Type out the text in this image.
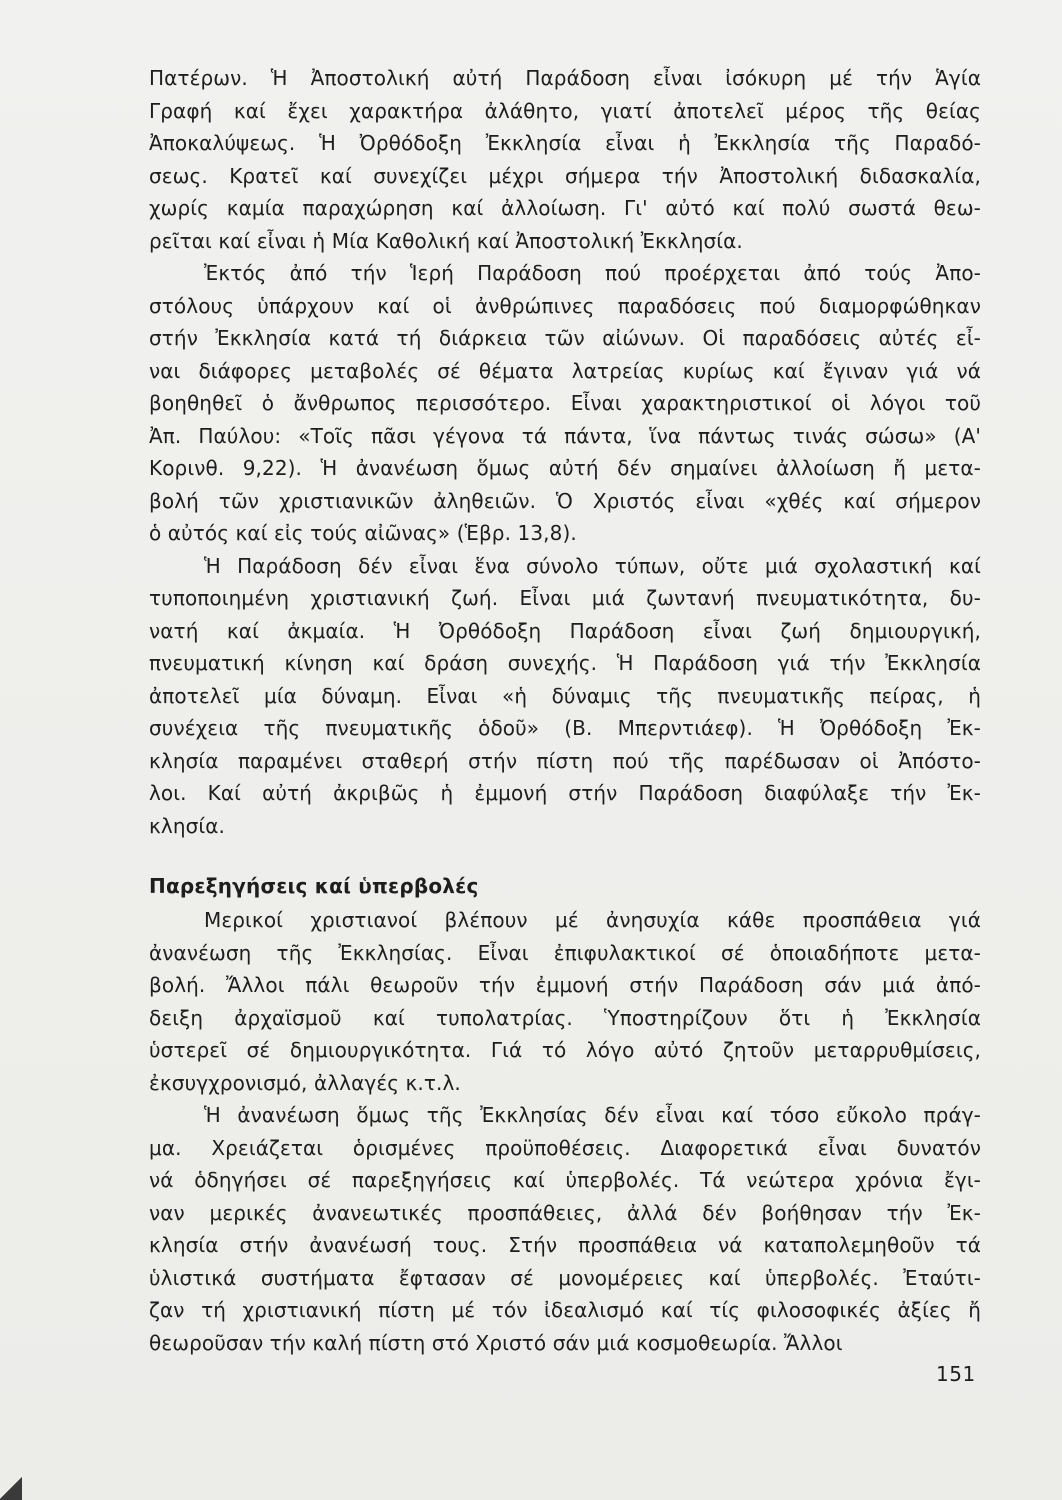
Πατέρων. Ἡ Ἀποστολική αὐτή Παράδοση εἶναι ἰσόκυρη μέ τήν Ἁγία
Γραφή καί ἔχει χαρακτήρα ἀλάθητο, γιατί ἀποτελεῖ μέρος τῆς θείας
Ἀποκαλύψεως. Ἡ Ὀρθόδοξη Ἐκκλησία εἶναι ἡ Ἐκκλησία τῆς Παραδό-
σεως. Κρατεῖ καί συνεχίζει μέχρι σήμερα τήν Ἀποστολική διδασκαλία,
χωρίς καμία παραχώρηση καί ἀλλοίωση. Γι' αὐτό καί πολύ σωστά θεω-
ρεῖται καί εἶναι ἡ Μία Καθολική καί Ἀποστολική Ἐκκλησία.
Ἐκτός ἀπό τήν Ἱερή Παράδοση πού προέρχεται ἀπό τούς Ἀπο-
στόλους ὑπάρχουν καί οἱ ἀνθρώπινες παραδόσεις πού διαμορφώθηκαν
στήν Ἐκκλησία κατά τή διάρκεια τῶν αἰώνων. Οἱ παραδόσεις αὐτές εἶ-
ναι διάφορες μεταβολές σέ θέματα λατρείας κυρίως καί ἔγιναν γιά νά
βοηθηθεῖ ὁ ἄνθρωπος περισσότερο. Εἶναι χαρακτηριστικοί οἱ λόγοι τοῦ
Ἀπ. Παύλου: «Τοῖς πᾶσι γέγονα τά πάντα, ἵνα πάντως τινάς σώσω» (Α'
Κορινθ. 9,22). Ἡ ἀνανέωση ὅμως αὐτή δέν σημαίνει ἀλλοίωση ἤ μετα-
βολή τῶν χριστιανικῶν ἀληθειῶν. Ὁ Χριστός εἶναι «χθές καί σήμερον
ὁ αὐτός καί εἰς τούς αἰῶνας» (Ἑβρ. 13,8).
Ἡ Παράδοση δέν εἶναι ἕνα σύνολο τύπων, οὔτε μιά σχολαστική καί
τυποποιημένη χριστιανική ζωή. Εἶναι μιά ζωντανή πνευματικότητα, δυ-
νατή καί ἀκμαία. Ἡ Ὀρθόδοξη Παράδοση εἶναι ζωή δημιουργική,
πνευματική κίνηση καί δράση συνεχής. Ἡ Παράδοση γιά τήν Ἐκκλησία
ἀποτελεῖ μία δύναμη. Εἶναι «ἡ δύναμις τῆς πνευματικῆς πείρας, ἡ
συνέχεια τῆς πνευματικῆς ὁδοῦ» (Β. Μπερντιάεφ). Ἡ Ὀρθόδοξη Ἐκ-
κλησία παραμένει σταθερή στήν πίστη πού τῆς παρέδωσαν οἱ Ἀπόστο-
λοι. Καί αὐτή ἀκριβῶς ἡ ἐμμονή στήν Παράδοση διαφύλαξε τήν Ἐκ-
κλησία.
Παρεξηγήσεις καί ὑπερβολές
Μερικοί χριστιανοί βλέπουν μέ ἀνησυχία κάθε προσπάθεια γιά
ἀνανέωση τῆς Ἐκκλησίας. Εἶναι ἐπιφυλακτικοί σέ ὁποιαδήποτε μετα-
βολή. Ἄλλοι πάλι θεωροῦν τήν ἐμμονή στήν Παράδοση σάν μιά ἀπό-
δειξη ἀρχαϊσμοῦ καί τυπολατρίας. Ὑποστηρίζουν ὅτι ἡ Ἐκκλησία
ὑστερεῖ σέ δημιουργικότητα. Γιά τό λόγο αὐτό ζητοῦν μεταρρυθμίσεις,
ἐκσυγχρονισμό, ἀλλαγές κ.τ.λ.
Ἡ ἀνανέωση ὅμως τῆς Ἐκκλησίας δέν εἶναι καί τόσο εὔκολο πράγ-
μα. Χρειάζεται ὁρισμένες προϋποθέσεις. Διαφορετικά εἶναι δυνατόν
νά ὁδηγήσει σέ παρεξηγήσεις καί ὑπερβολές. Τά νεώτερα χρόνια ἔγι-
ναν μερικές ἀνανεωτικές προσπάθειες, ἀλλά δέν βοήθησαν τήν Ἐκ-
κλησία στήν ἀνανέωσή τους. Στήν προσπάθεια νά καταπολεμηθοῦν τά
ὑλιστικά συστήματα ἔφτασαν σέ μονομέρειες καί ὑπερβολές. Ἐταύτι-
ζαν τή χριστιανική πίστη μέ τόν ἰδεαλισμό καί τίς φιλοσοφικές ἀξίες ἤ
θεωροῦσαν τήν καλή πίστη στό Χριστό σάν μιά κοσμοθεωρία. Ἄλλοι
151
